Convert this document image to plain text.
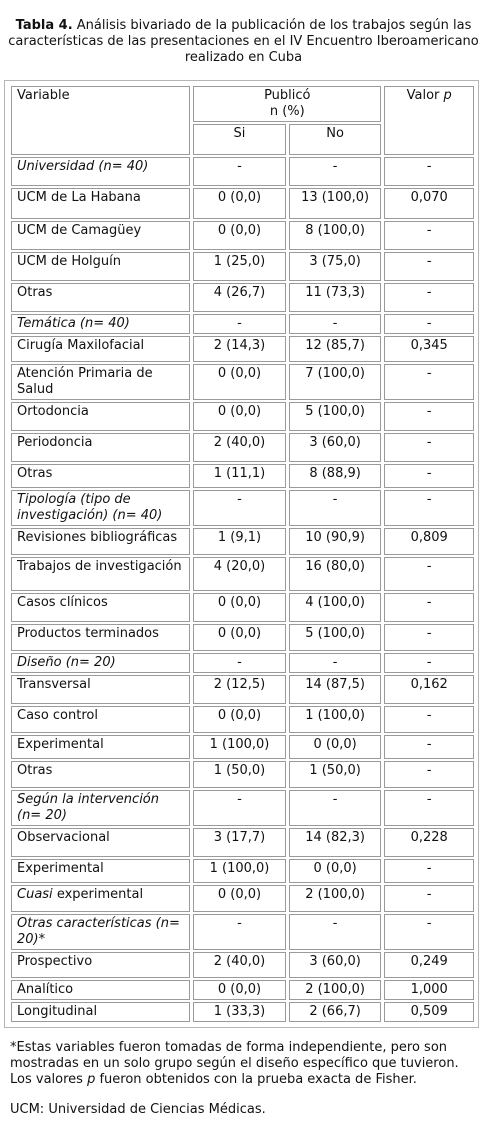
Tabla 4. Análisis bivariado de la publicación de los trabajos según las características de las presentaciones en el IV Encuentro Iberoamericano realizado en Cuba
Variable	Publicó
n (%)		Valor p
	Si	No	
Universidad (n= 40)	-	-	-
UCM de La Habana	0 (0,0)	13 (100,0)	0,070
UCM de Camagüey	0 (0,0)	8 (100,0)	-
UCM de Holguín	1 (25,0)	3 (75,0)	-
Otras	4 (26,7)	11 (73,3)	-
Temática (n= 40)	-	-	-
Cirugía Maxilofacial	2 (14,3)	12 (85,7)	0,345
Atención Primaria de Salud	0 (0,0)	7 (100,0)	-
Ortodoncia	0 (0,0)	5 (100,0)	-
Periodoncia	2 (40,0)	3 (60,0)	-
Otras	1 (11,1)	8 (88,9)	-
Tipología (tipo de investigación) (n= 40)	-	-	-
Revisiones bibliográficas	1 (9,1)	10 (90,9)	0,809
Trabajos de investigación	4 (20,0)	16 (80,0)	-
Casos clínicos	0 (0,0)	4 (100,0)	-
Productos terminados	0 (0,0)	5 (100,0)	-
Diseño (n= 20)	-	-	-
Transversal	2 (12,5)	14 (87,5)	0,162
Caso control	0 (0,0)	1 (100,0)	-
Experimental	1 (100,0)	0 (0,0)	-
Otras	1 (50,0)	1 (50,0)	-
Según la intervención (n= 20)	-	-	-
Observacional	3 (17,7)	14 (82,3)	0,228
Experimental	1 (100,0)	0 (0,0)	-
Cuasi experimental	0 (0,0)	2 (100,0)	-
Otras características (n= 20)*	-	-	-
Prospectivo	2 (40,0)	3 (60,0)	0,249
Analítico	0 (0,0)	2 (100,0)	1,000
Longitudinal	1 (33,3)	2 (66,7)	0,509

*Estas variables fueron tomadas de forma independiente, pero son mostradas en un solo grupo según el diseño específico que tuvieron. Los valores p fueron obtenidos con la prueba exacta de Fisher.

UCM: Universidad de Ciencias Médicas.
